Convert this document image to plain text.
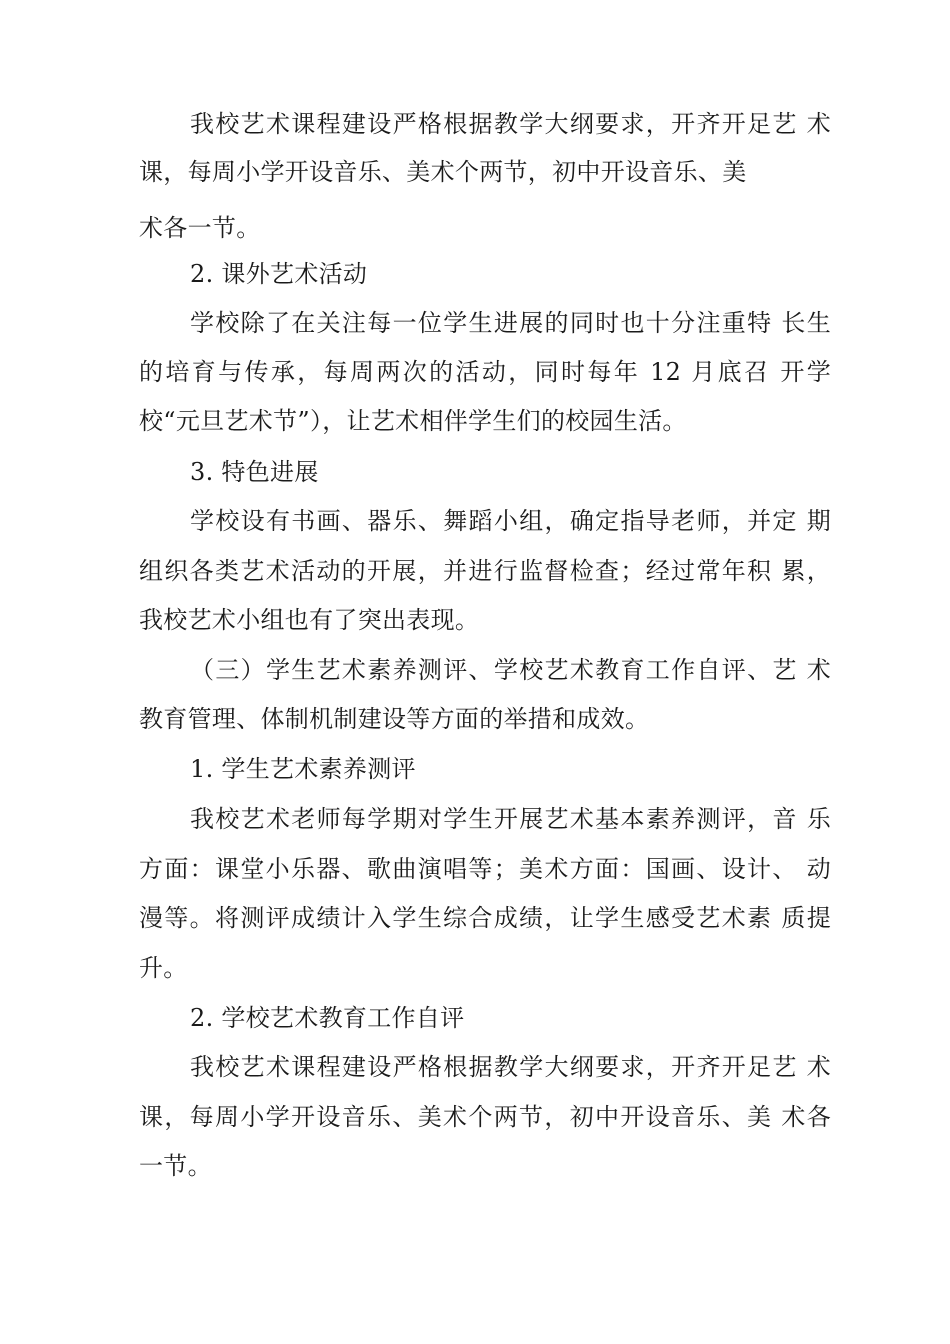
我校艺术课程建设严格根据教学大纲要求，开齐开足艺 术

课，每周小学开设音乐、美术个两节，初中开设音乐、美

术各一节。

2. 课外艺术活动

学校除了在关注每一位学生进展的同时也十分注重特 长生

的培育与传承，每周两次的活动，同时每年 12 月底召 开学

校“元旦艺术节”），让艺术相伴学生们的校园生活。

3. 特色进展

学校设有书画、器乐、舞蹈小组，确定指导老师，并定 期

组织各类艺术活动的开展，并进行监督检查；经过常年积 累，

我校艺术小组也有了突出表现。

（三）学生艺术素养测评、学校艺术教育工作自评、艺 术

教育管理、体制机制建设等方面的举措和成效。

1. 学生艺术素养测评

我校艺术老师每学期对学生开展艺术基本素养测评，音 乐

方面：课堂小乐器、歌曲演唱等；美术方面：国画、设计、 动

漫等。将测评成绩计入学生综合成绩，让学生感受艺术素 质提

升。

2. 学校艺术教育工作自评

我校艺术课程建设严格根据教学大纲要求，开齐开足艺 术

课，每周小学开设音乐、美术个两节，初中开设音乐、美 术各

一节。
